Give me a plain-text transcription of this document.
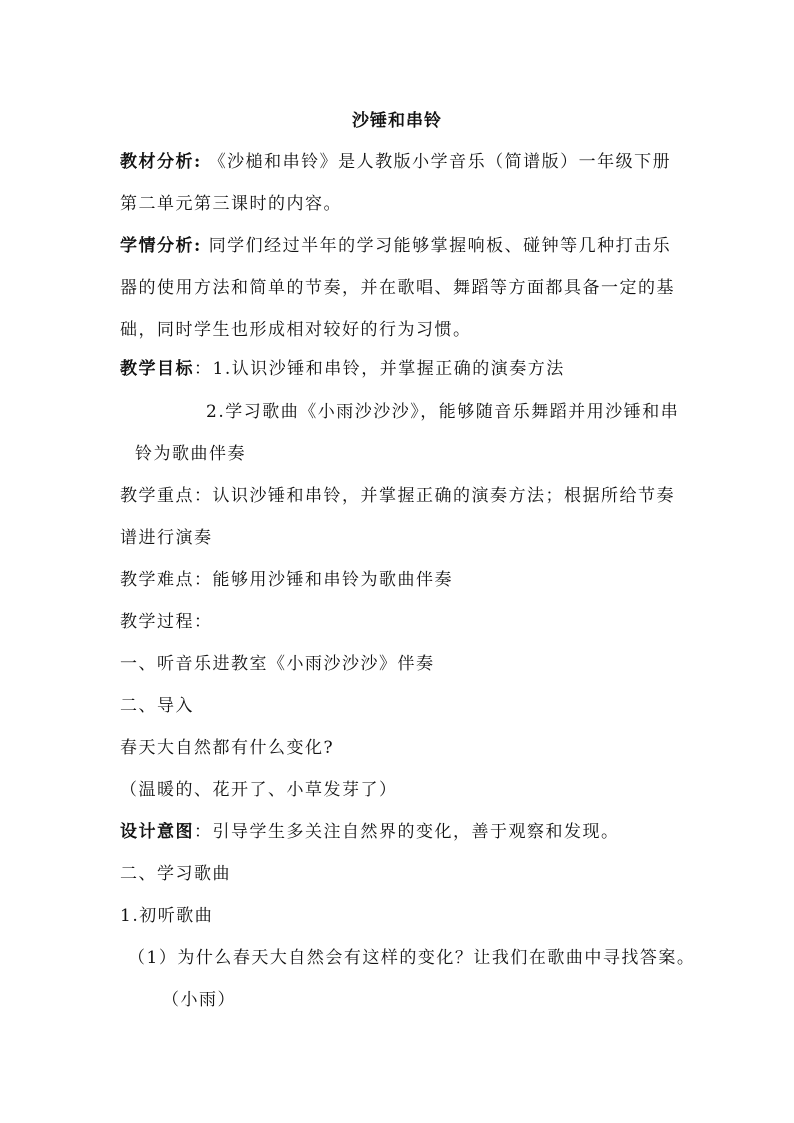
沙锤和串铃
教材分析: 《沙槌和串铃》是人教版小学音乐（简谱版）一年级下册
第二单元第三课时的内容。
学情分析: 同学们经过半年的学习能够掌握响板、碰钟等几种打击乐
器的使用方法和简单的节奏，并在歌唱、舞蹈等方面都具备一定的基
础，同时学生也形成相对较好的行为习惯。
教学目标：1.认识沙锤和串铃，并掌握正确的演奏方法
2.学习歌曲《小雨沙沙沙》，能够随音乐舞蹈并用沙锤和串
铃为歌曲伴奏
教学重点：认识沙锤和串铃，并掌握正确的演奏方法；根据所给节奏
谱进行演奏
教学难点：能够用沙锤和串铃为歌曲伴奏
教学过程：
一、听音乐进教室《小雨沙沙沙》伴奏
二、导入
春天大自然都有什么变化?
（温暖的、花开了、小草发芽了）
设计意图：引导学生多关注自然界的变化，善于观察和发现。
二、学习歌曲
1.初听歌曲
（1）为什么春天大自然会有这样的变化？让我们在歌曲中寻找答案。
（小雨）
